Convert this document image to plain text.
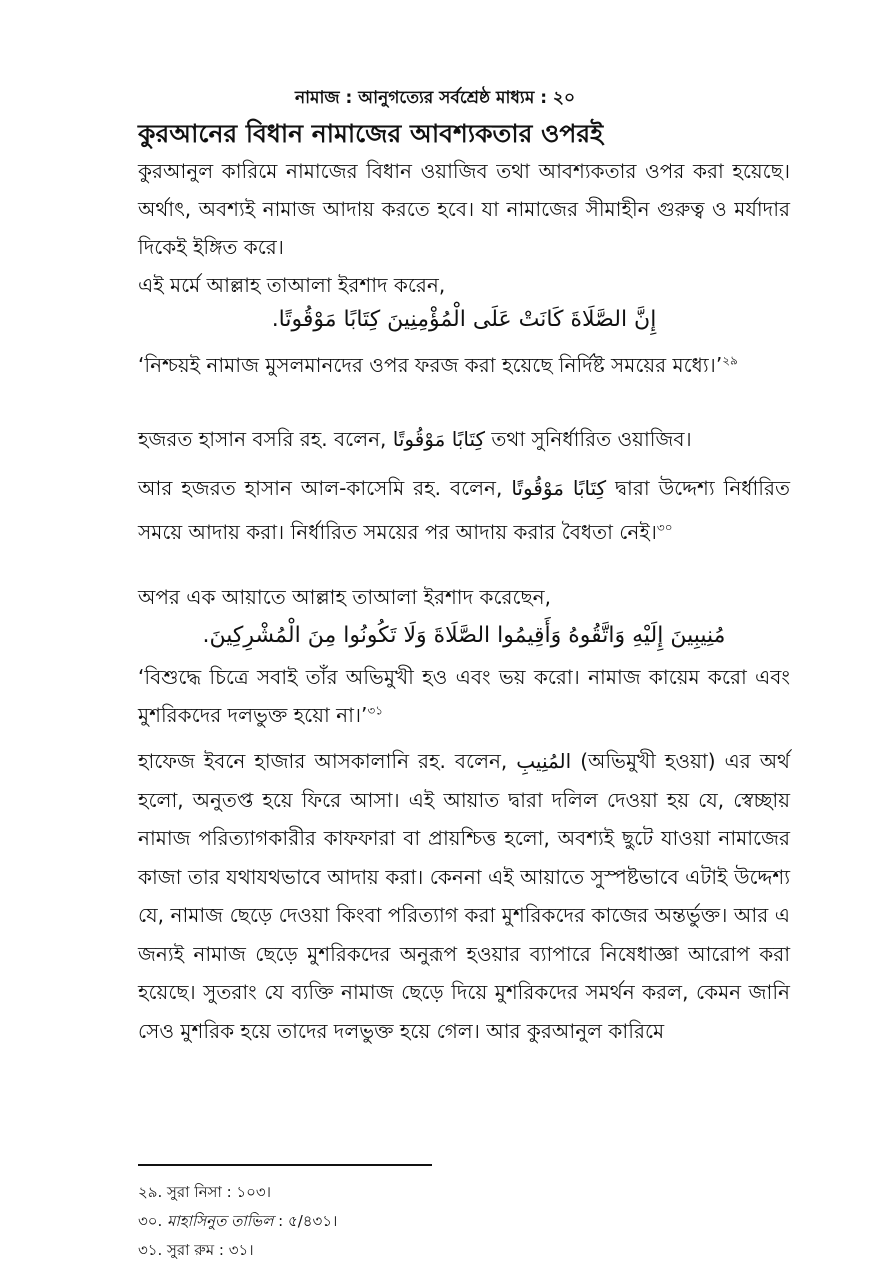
নামাজ : আনুগত্যের সর্বশ্রেষ্ঠ মাধ্যম : ২০
কুরআনের বিধান নামাজের আবশ্যকতার ওপরই

কুরআনুল কারিমে নামাজের বিধান ওয়াজিব তথা আবশ্যকতার ওপর করা হয়েছে। অর্থাৎ, অবশ্যই নামাজ আদায় করতে হবে। যা নামাজের সীমাহীন গুরুত্ব ও মর্যাদার দিকেই ইঙ্গিত করে।

এই মর্মে আল্লাহ তাআলা ইরশাদ করেন,

إِنَّ الصَّلَاةَ كَانَتْ عَلَى الْمُؤْمِنِينَ كِتَابًا مَوْقُوتًا.

‘নিশ্চয়ই নামাজ মুসলমানদের ওপর ফরজ করা হয়েছে নির্দিষ্ট সময়ের মধ্যে।’$^{২৯}$

হজরত হাসান বসরি রহ. বলেন, كِتَابًا مَوْقُوتًا তথা সুনির্ধারিত ওয়াজিব।

আর হজরত হাসান আল-কাসেমি রহ. বলেন, كِتَابًا مَوْقُوتًا দ্বারা উদ্দেশ্য নির্ধারিত সময়ে আদায় করা। নির্ধারিত সময়ের পর আদায় করার বৈধতা নেই।$^{৩০}$

অপর এক আয়াতে আল্লাহ তাআলা ইরশাদ করেছেন,

مُنِيبِينَ إِلَيْهِ وَاتَّقُوهُ وَأَقِيمُوا الصَّلَاةَ وَلَا تَكُونُوا مِنَ الْمُشْرِكِينَ.

‘বিশুদ্ধে চিত্রে সবাই তাঁর অভিমুখী হও এবং ভয় করো। নামাজ কায়েম করো এবং মুশরিকদের দলভুক্ত হয়ো না।’$^{৩১}$

হাফেজ ইবনে হাজার আসকালানি রহ. বলেন, المُنِيبِ (অভিমুখী হওয়া) এর অর্থ হলো, অনুতপ্ত হয়ে ফিরে আসা। এই আয়াত দ্বারা দলিল দেওয়া হয় যে, স্বেচ্ছায় নামাজ পরিত্যাগকারীর কাফফারা বা প্রায়শ্চিত্ত হলো, অবশ্যই ছুটে যাওয়া নামাজের কাজা তার যথাযথভাবে আদায় করা। কেননা এই আয়াতে সুস্পষ্টভাবে এটাই উদ্দেশ্য যে, নামাজ ছেড়ে দেওয়া কিংবা পরিত্যাগ করা মুশরিকদের কাজের অন্তর্ভুক্ত। আর এ জন্যই নামাজ ছেড়ে মুশরিকদের অনুরূপ হওয়ার ব্যাপারে নিষেধাজ্ঞা আরোপ করা হয়েছে। সুতরাং যে ব্যক্তি নামাজ ছেড়ে দিয়ে মুশরিকদের সমর্থন করল, কেমন জানি সেও মুশরিক হয়ে তাদের দলভুক্ত হয়ে গেল। আর কুরআনুল কারিমে

২৯. সুরা নিসা : ১০৩।
৩০. মাহাসিনুত তাভিল : ৫/৪৩১।
৩১. সুরা রুম : ৩১।
